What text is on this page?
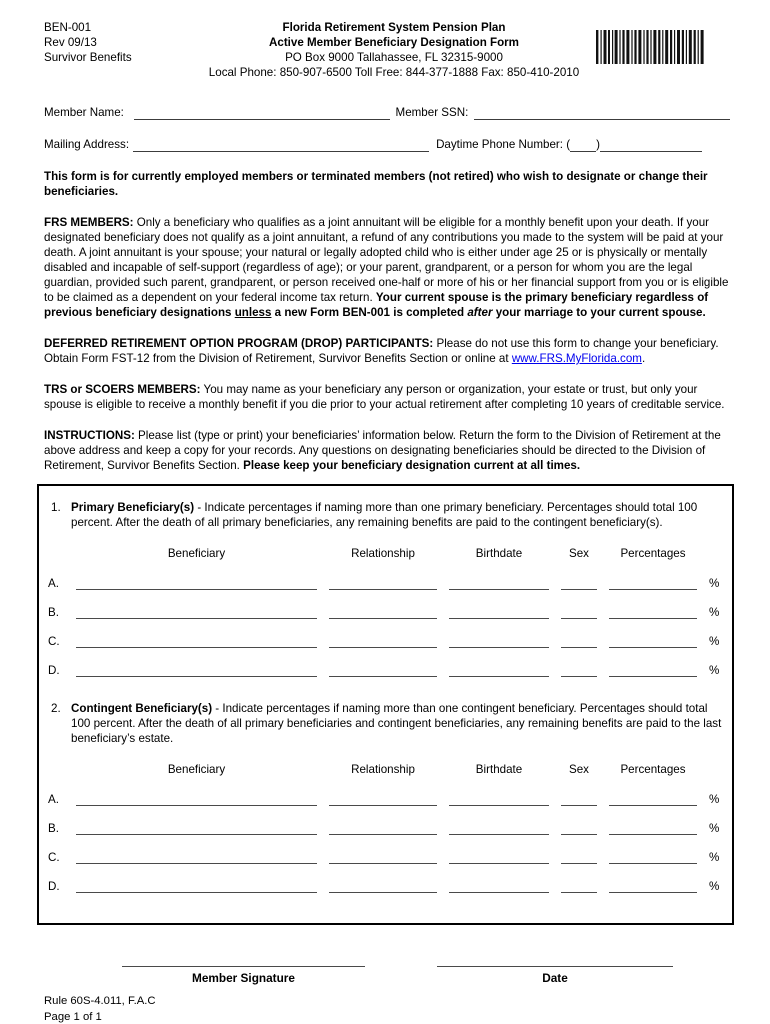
BEN-001
Rev 09/13
Survivor Benefits
Florida Retirement System Pension Plan
Active Member Beneficiary Designation Form
PO Box 9000 Tallahassee, FL 32315-9000
Local Phone: 850-907-6500 Toll Free: 844-377-1888 Fax: 850-410-2010
Member Name:	Member SSN:
Mailing Address:	Daytime Phone Number: ( )
This form is for currently employed members or terminated members (not retired) who wish to designate or change their beneficiaries.
FRS MEMBERS: Only a beneficiary who qualifies as a joint annuitant will be eligible for a monthly benefit upon your death. If your designated beneficiary does not qualify as a joint annuitant, a refund of any contributions you made to the system will be paid at your death. A joint annuitant is your spouse; your natural or legally adopted child who is either under age 25 or is physically or mentally disabled and incapable of self-support (regardless of age); or your parent, grandparent, or a person for whom you are the legal guardian, provided such parent, grandparent, or person received one-half or more of his or her financial support from you or is eligible to be claimed as a dependent on your federal income tax return. Your current spouse is the primary beneficiary regardless of previous beneficiary designations unless a new Form BEN-001 is completed after your marriage to your current spouse.
DEFERRED RETIREMENT OPTION PROGRAM (DROP) PARTICIPANTS: Please do not use this form to change your beneficiary. Obtain Form FST-12 from the Division of Retirement, Survivor Benefits Section or online at www.FRS.MyFlorida.com.
TRS or SCOERS MEMBERS: You may name as your beneficiary any person or organization, your estate or trust, but only your spouse is eligible to receive a monthly benefit if you die prior to your actual retirement after completing 10 years of creditable service.
INSTRUCTIONS: Please list (type or print) your beneficiaries’ information below. Return the form to the Division of Retirement at the above address and keep a copy for your records. Any questions on designating beneficiaries should be directed to the Division of Retirement, Survivor Benefits Section. Please keep your beneficiary designation current at all times.
1. Primary Beneficiary(s) - Indicate percentages if naming more than one primary beneficiary. Percentages should total 100 percent. After the death of all primary beneficiaries, any remaining benefits are paid to the contingent beneficiary(s).
Beneficiary	Relationship	Birthdate	Sex	Percentages
A.	%
B.	%
C.	%
D.	%
2. Contingent Beneficiary(s) - Indicate percentages if naming more than one contingent beneficiary. Percentages should total 100 percent. After the death of all primary beneficiaries and contingent beneficiaries, any remaining benefits are paid to the last beneficiary’s estate.
Beneficiary	Relationship	Birthdate	Sex	Percentages
A.	%
B.	%
C.	%
D.	%
Member Signature	Date
Rule 60S-4.011, F.A.C
Page 1 of 1
